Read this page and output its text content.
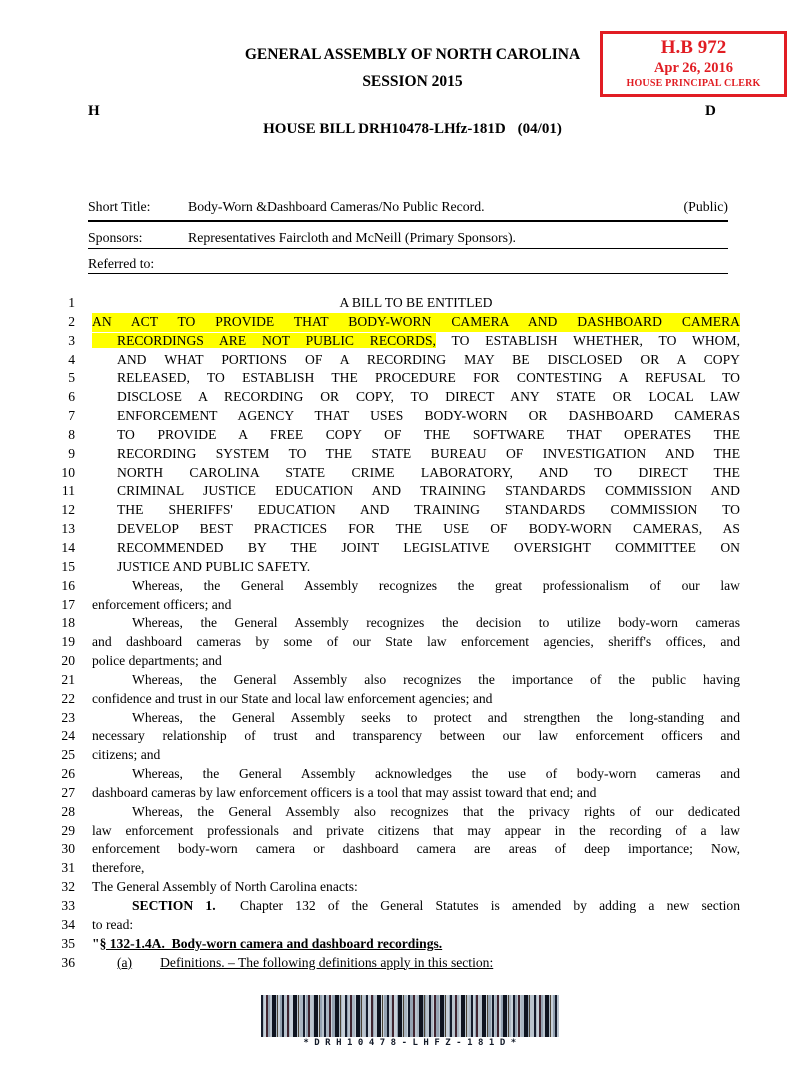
GENERAL ASSEMBLY OF NORTH CAROLINA
SESSION 2015
H.B 972
Apr 26, 2016
HOUSE PRINCIPAL CLERK
H	D
HOUSE BILL DRH10478-LHfz-181D (04/01)
Short Title:	Body-Worn &Dashboard Cameras/No Public Record.	(Public)
Sponsors:	Representatives Faircloth and McNeill (Primary Sponsors).
Referred to:
1	A BILL TO BE ENTITLED
2 AN ACT TO PROVIDE THAT BODY-WORN CAMERA AND DASHBOARD CAMERA
3	RECORDINGS ARE NOT PUBLIC RECORDS, TO ESTABLISH WHETHER, TO WHOM,
4	AND WHAT PORTIONS OF A RECORDING MAY BE DISCLOSED OR A COPY
5	RELEASED, TO ESTABLISH THE PROCEDURE FOR CONTESTING A REFUSAL TO
6	DISCLOSE A RECORDING OR COPY, TO DIRECT ANY STATE OR LOCAL LAW
7	ENFORCEMENT AGENCY THAT USES BODY-WORN OR DASHBOARD CAMERAS
8	TO PROVIDE A FREE COPY OF THE SOFTWARE THAT OPERATES THE
9	RECORDING SYSTEM TO THE STATE BUREAU OF INVESTIGATION AND THE
10	NORTH CAROLINA STATE CRIME LABORATORY, AND TO DIRECT THE
11	CRIMINAL JUSTICE EDUCATION AND TRAINING STANDARDS COMMISSION AND
12	THE SHERIFFS' EDUCATION AND TRAINING STANDARDS COMMISSION TO
13	DEVELOP BEST PRACTICES FOR THE USE OF BODY-WORN CAMERAS, AS
14	RECOMMENDED BY THE JOINT LEGISLATIVE OVERSIGHT COMMITTEE ON
15	JUSTICE AND PUBLIC SAFETY.
16	Whereas, the General Assembly recognizes the great professionalism of our law
17 enforcement officers; and
18	Whereas, the General Assembly recognizes the decision to utilize body-worn cameras
19 and dashboard cameras by some of our State law enforcement agencies, sheriff's offices, and
20 police departments; and
21	Whereas, the General Assembly also recognizes the importance of the public having
22 confidence and trust in our State and local law enforcement agencies; and
23	Whereas, the General Assembly seeks to protect and strengthen the long-standing and
24 necessary relationship of trust and transparency between our law enforcement officers and
25 citizens; and
26	Whereas, the General Assembly acknowledges the use of body-worn cameras and
27 dashboard cameras by law enforcement officers is a tool that may assist toward that end; and
28	Whereas, the General Assembly also recognizes that the privacy rights of our dedicated
29 law enforcement professionals and private citizens that may appear in the recording of a law
30 enforcement body-worn camera or dashboard camera are areas of deep importance; Now,
31 therefore,
32 The General Assembly of North Carolina enacts:
33	SECTION 1.  Chapter 132 of the General Statutes is amended by adding a new section
34 to read:
35 "§ 132-1.4A.  Body-worn camera and dashboard recordings.
36	(a) Definitions. – The following definitions apply in this section:
*DRH10478-LHFZ-181D*
